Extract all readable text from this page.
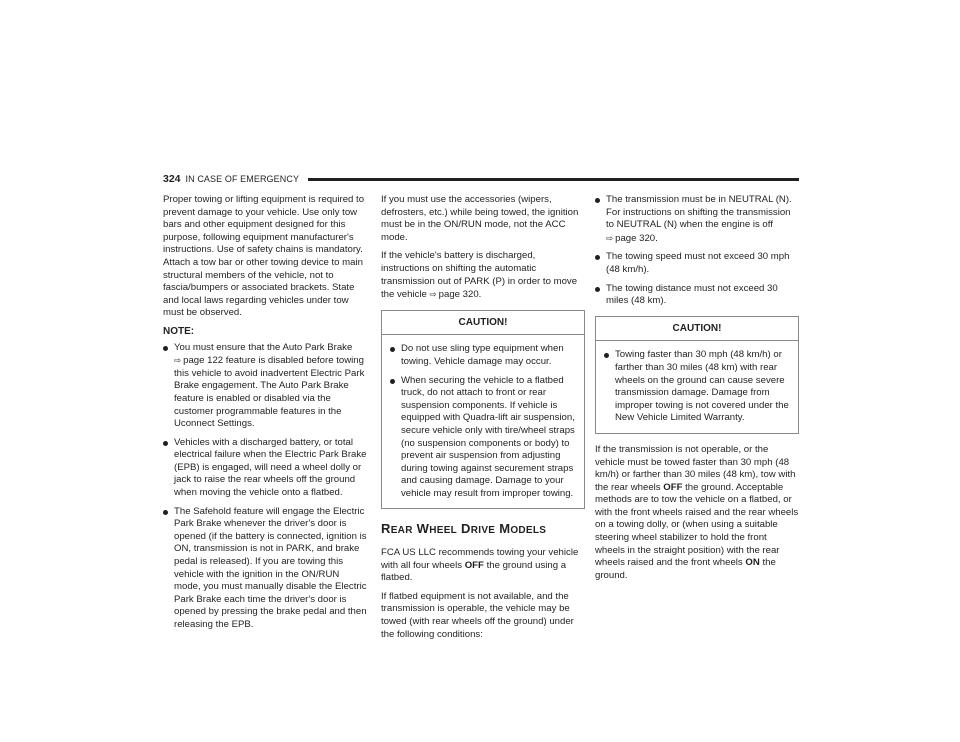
324 IN CASE OF EMERGENCY

Proper towing or lifting equipment is required to prevent damage to your vehicle. Use only tow bars and other equipment designed for this purpose, following equipment manufacturer's instructions. Use of safety chains is mandatory. Attach a tow bar or other towing device to main structural members of the vehicle, not to fascia/bumpers or associated brackets. State and local laws regarding vehicles under tow must be observed.

NOTE:
You must ensure that the Auto Park Brake
⇨ page 122 feature is disabled before towing this vehicle to avoid inadvertent Electric Park Brake engagement. The Auto Park Brake feature is enabled or disabled via the customer programmable features in the Uconnect Settings.
Vehicles with a discharged battery, or total electrical failure when the Electric Park Brake (EPB) is engaged, will need a wheel dolly or jack to raise the rear wheels off the ground when moving the vehicle onto a flatbed.
The Safehold feature will engage the Electric Park Brake whenever the driver's door is opened (if the battery is connected, ignition is ON, transmission is not in PARK, and brake pedal is released). If you are towing this vehicle with the ignition in the ON/RUN mode, you must manually disable the Electric Park Brake each time the driver's door is opened by pressing the brake pedal and then releasing the EPB.

If you must use the accessories (wipers, defrosters, etc.) while being towed, the ignition must be in the ON/RUN mode, not the ACC mode.

If the vehicle's battery is discharged, instructions on shifting the automatic transmission out of PARK (P) in order to move the vehicle ⇨ page 320.

CAUTION!
Do not use sling type equipment when towing. Vehicle damage may occur.
When securing the vehicle to a flatbed truck, do not attach to front or rear suspension components. If vehicle is equipped with Quadra-lift air suspension, secure vehicle only with tire/wheel straps (no suspension components or body) to prevent air suspension from adjusting during towing against securement straps and causing damage. Damage to your vehicle may result from improper towing.
REAR WHEEL DRIVE MODELS

FCA US LLC recommends towing your vehicle with all four wheels OFF the ground using a flatbed.

If flatbed equipment is not available, and the transmission is operable, the vehicle may be towed (with rear wheels off the ground) under the following conditions:

The transmission must be in NEUTRAL (N). For instructions on shifting the transmission to NEUTRAL (N) when the engine is off
⇨ page 320.
The towing speed must not exceed 30 mph (48 km/h).
The towing distance must not exceed 30 miles (48 km).
CAUTION!
Towing faster than 30 mph (48 km/h) or farther than 30 miles (48 km) with rear wheels on the ground can cause severe transmission damage. Damage from improper towing is not covered under the New Vehicle Limited Warranty.

If the transmission is not operable, or the vehicle must be towed faster than 30 mph (48 km/h) or farther than 30 miles (48 km), tow with the rear wheels OFF the ground. Acceptable methods are to tow the vehicle on a flatbed, or with the front wheels raised and the rear wheels on a towing dolly, or (when using a suitable steering wheel stabilizer to hold the front wheels in the straight position) with the rear wheels raised and the front wheels ON the ground.
